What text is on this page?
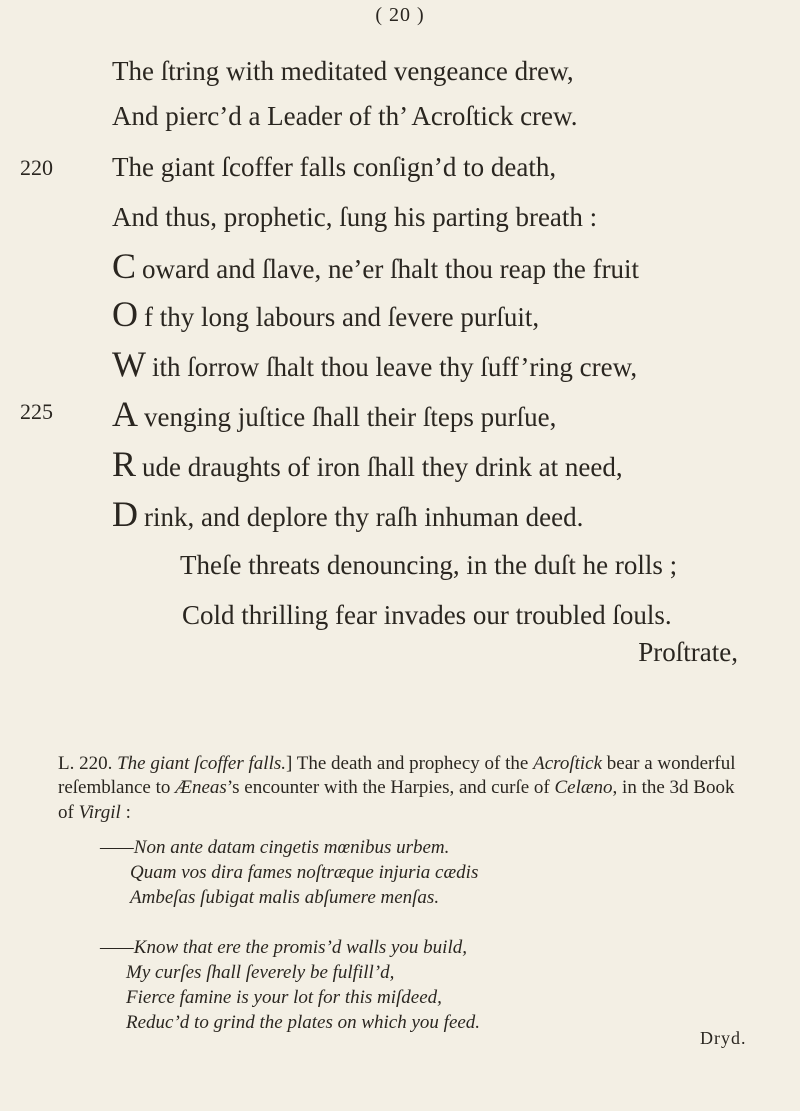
( 20 )
The ſtring with meditated vengeance drew,
And pierc’d a Leader of th’ Acroſtick crew.
220 The giant ſcoffer falls conſign’d to death,
And thus, prophetic, ſung his parting breath :
C oward and ſlave, ne’er ſhalt thou reap the fruit
O f thy long labours and ſevere purſuit,
W ith ſorrow ſhalt thou leave thy ſuff’ring crew,
225 A venging juſtice ſhall their ſteps purſue,
R ude draughts of iron ſhall they drink at need,
D rink, and deplore thy raſh inhuman deed.
Theſe threats denouncing, in the duſt he rolls ;
Cold thrilling fear invades our troubled ſouls.
Proſtrate,

L. 220. The giant ſcoffer falls.] The death and prophecy of the Acroſtick bear a wonderful reſemblance to Æneas’s encounter with the Harpies, and curſe of Celæno, in the 3d Book of Virgil :

——Non ante datam cingetis mœnibus urbem.
Quam vos dira fames noſtræque injuria cædis
Ambeſas ſubigat malis abſumere menſas.
——Know that ere the promis’d walls you build,
My curſes ſhall ſeverely be fulfill’d,
Fierce famine is your lot for this miſdeed,
Reduc’d to grind the plates on which you feed.
Dryd.
